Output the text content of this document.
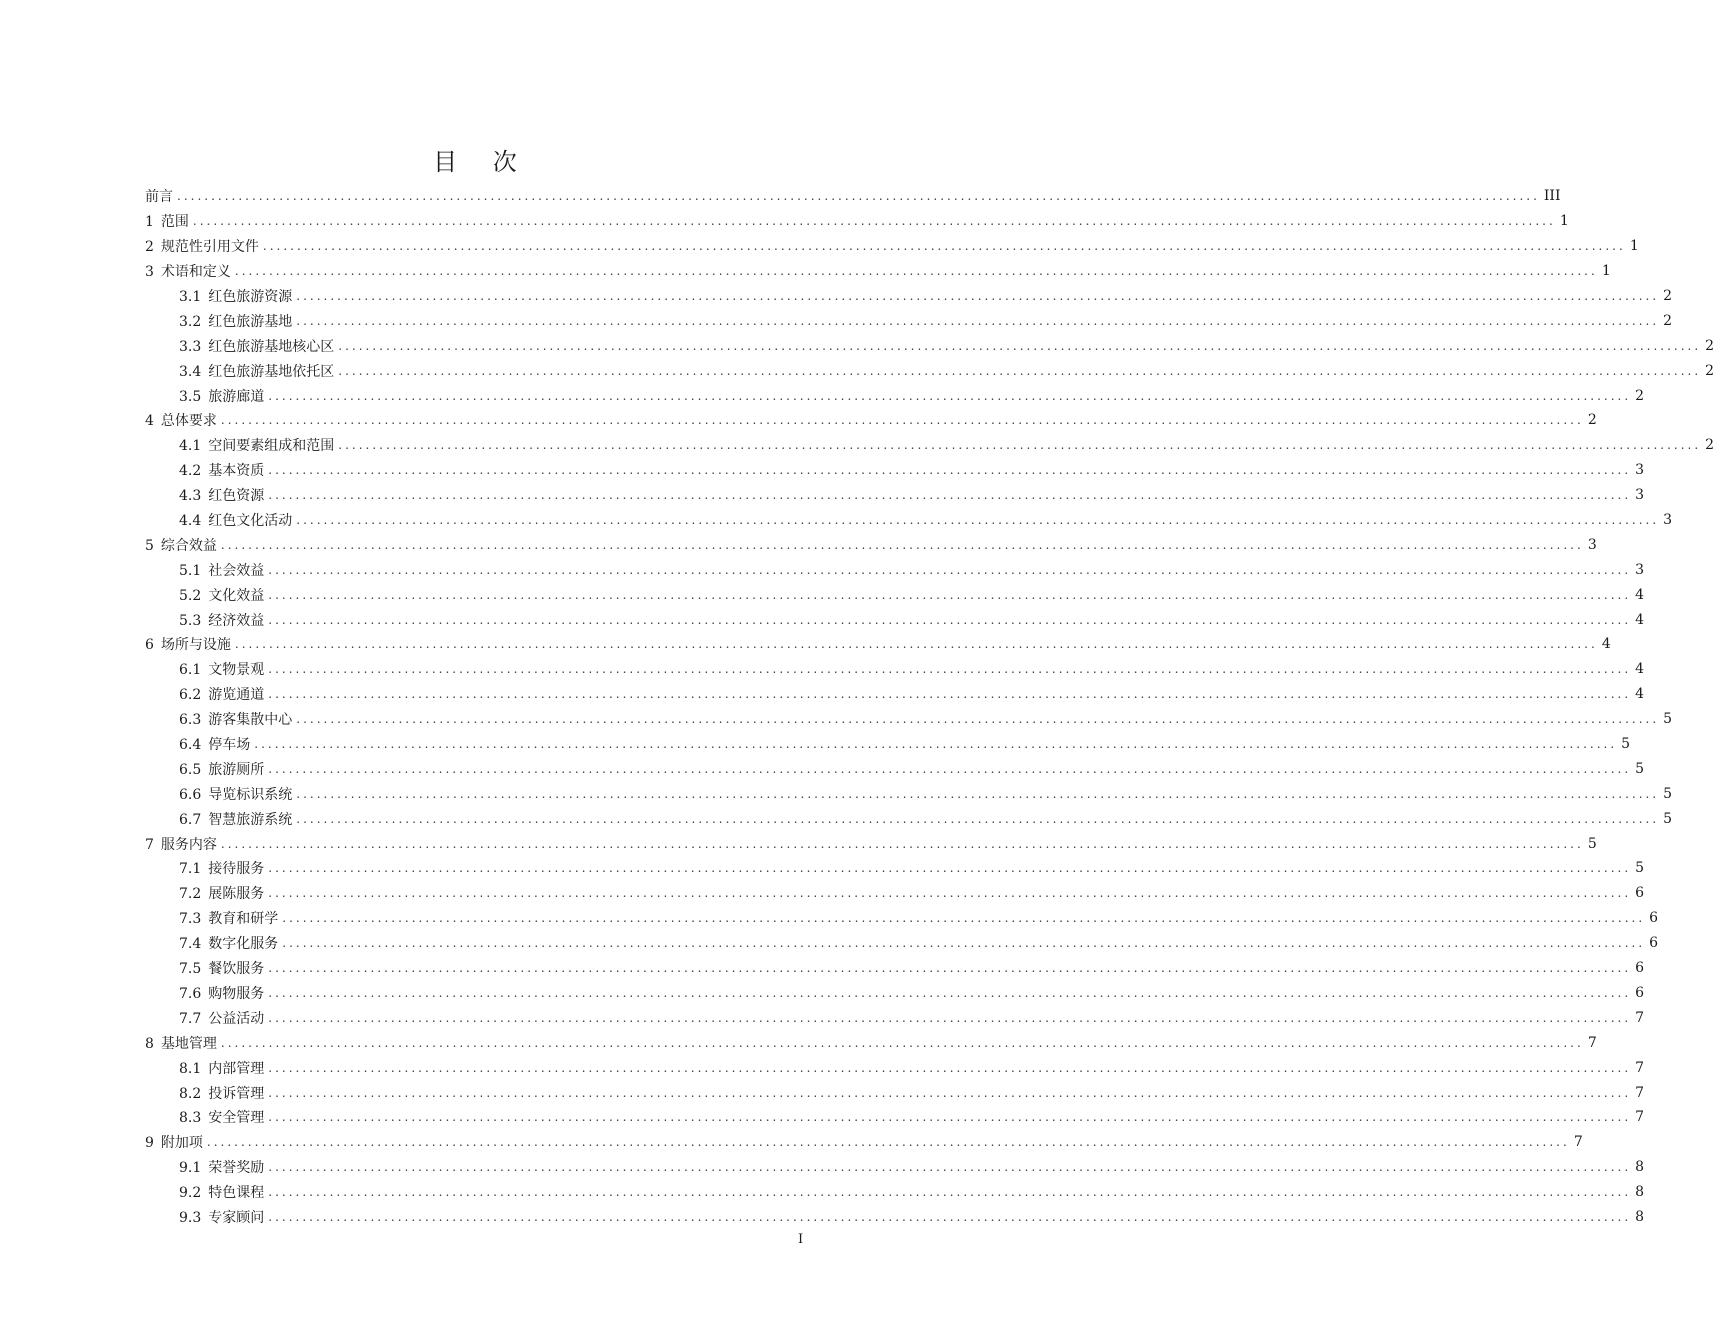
目 次
前言 ........................................................................................................................................................................................................ III
1 范围 ........................................................................................................................................................................................................ 1
2 规范性引用文件 ........................................................................................................................................................................................................ 1
3 术语和定义 ........................................................................................................................................................................................................ 1
3.1 红色旅游资源 ........................................................................................................................................................................................................ 2
3.2 红色旅游基地 ........................................................................................................................................................................................................ 2
3.3 红色旅游基地核心区 ........................................................................................................................................................................................................ 2
3.4 红色旅游基地依托区 ........................................................................................................................................................................................................ 2
3.5 旅游廊道 ........................................................................................................................................................................................................ 2
4 总体要求 ........................................................................................................................................................................................................ 2
4.1 空间要素组成和范围 ........................................................................................................................................................................................................ 2
4.2 基本资质 ........................................................................................................................................................................................................ 3
4.3 红色资源 ........................................................................................................................................................................................................ 3
4.4 红色文化活动 ........................................................................................................................................................................................................ 3
5 综合效益 ........................................................................................................................................................................................................ 3
5.1 社会效益 ........................................................................................................................................................................................................ 3
5.2 文化效益 ........................................................................................................................................................................................................ 4
5.3 经济效益 ........................................................................................................................................................................................................ 4
6 场所与设施 ........................................................................................................................................................................................................ 4
6.1 文物景观 ........................................................................................................................................................................................................ 4
6.2 游览通道 ........................................................................................................................................................................................................ 4
6.3 游客集散中心 ........................................................................................................................................................................................................ 5
6.4 停车场 ........................................................................................................................................................................................................ 5
6.5 旅游厕所 ........................................................................................................................................................................................................ 5
6.6 导览标识系统 ........................................................................................................................................................................................................ 5
6.7 智慧旅游系统 ........................................................................................................................................................................................................ 5
7 服务内容 ........................................................................................................................................................................................................ 5
7.1 接待服务 ........................................................................................................................................................................................................ 5
7.2 展陈服务 ........................................................................................................................................................................................................ 6
7.3 教育和研学 ........................................................................................................................................................................................................ 6
7.4 数字化服务 ........................................................................................................................................................................................................ 6
7.5 餐饮服务 ........................................................................................................................................................................................................ 6
7.6 购物服务 ........................................................................................................................................................................................................ 6
7.7 公益活动 ........................................................................................................................................................................................................ 7
8 基地管理 ........................................................................................................................................................................................................ 7
8.1 内部管理 ........................................................................................................................................................................................................ 7
8.2 投诉管理 ........................................................................................................................................................................................................ 7
8.3 安全管理 ........................................................................................................................................................................................................ 7
9 附加项 ........................................................................................................................................................................................................ 7
9.1 荣誉奖励 ........................................................................................................................................................................................................ 8
9.2 特色课程 ........................................................................................................................................................................................................ 8
9.3 专家顾问 ........................................................................................................................................................................................................ 8
I
